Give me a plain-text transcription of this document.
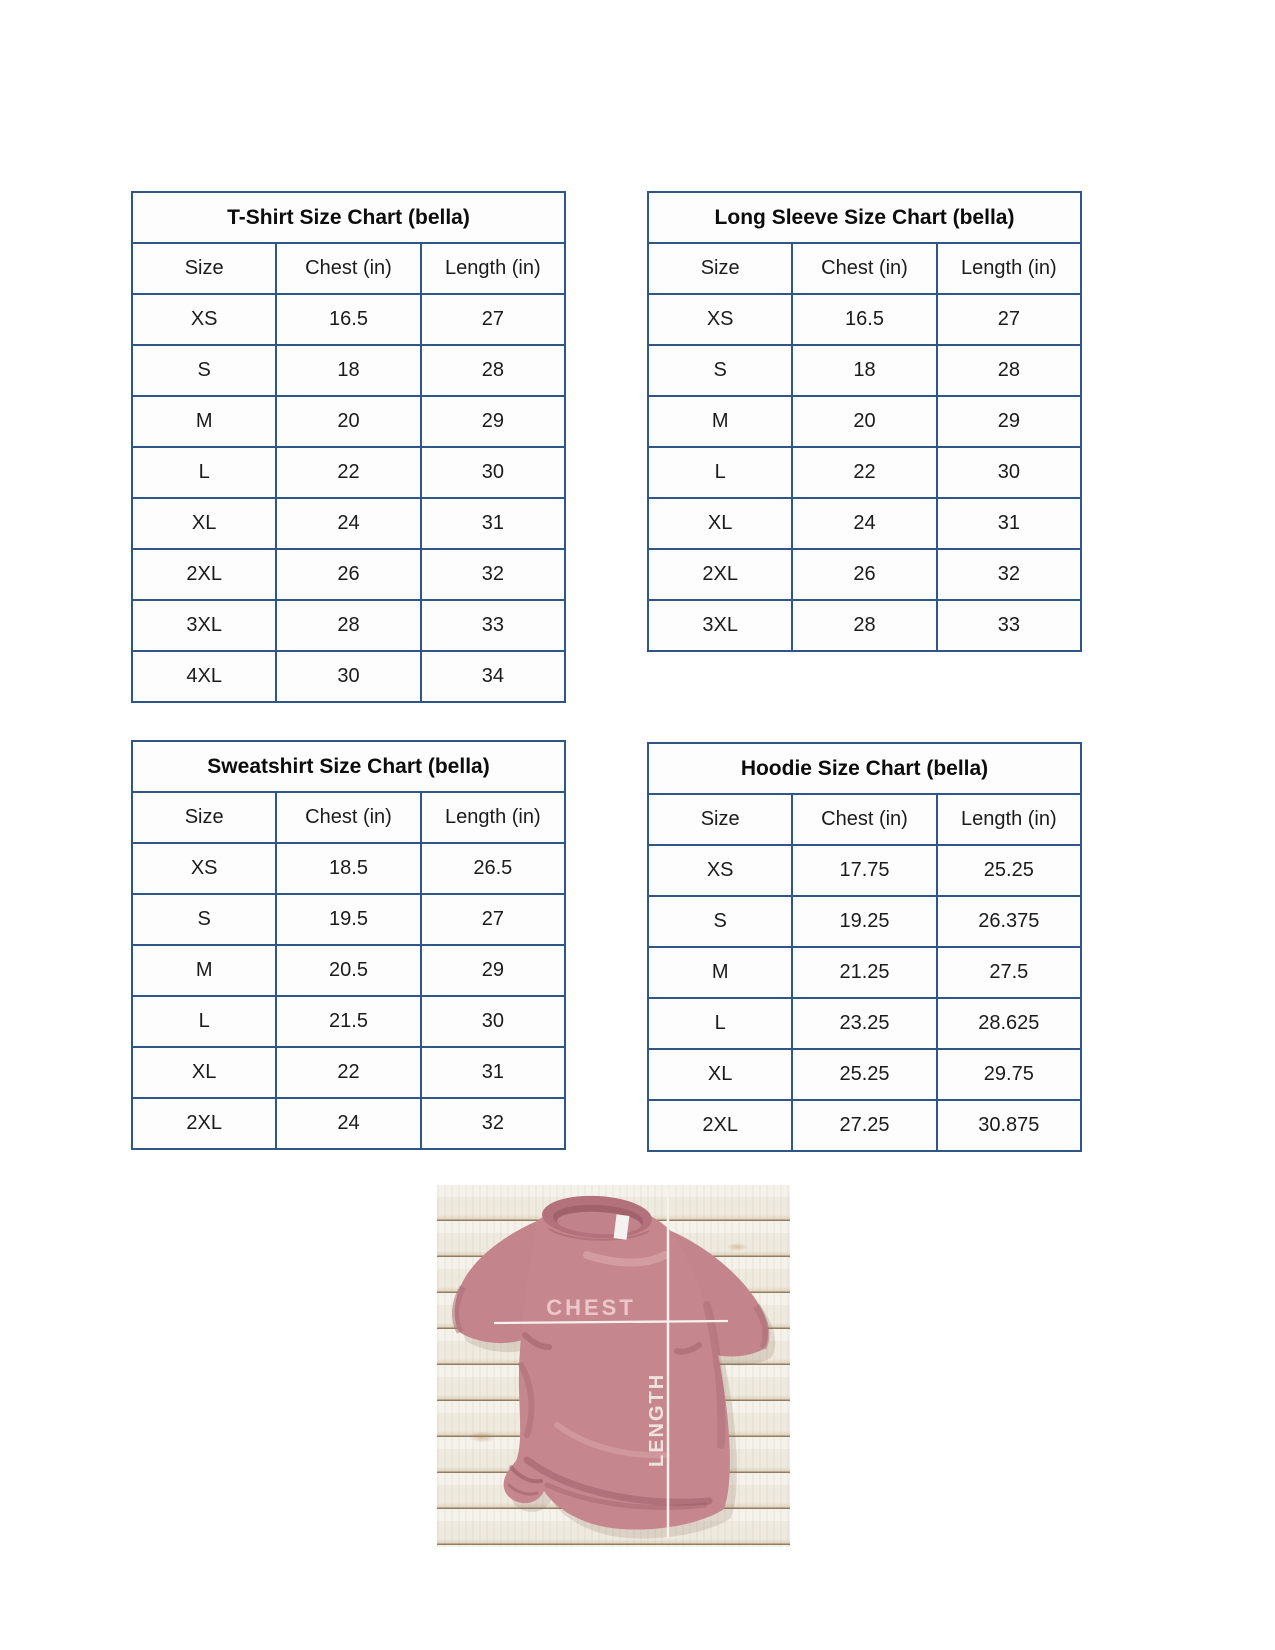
T-Shirt Size Chart (bella)		
Size	Chest (in)	Length (in)
XS	16.5	27
S	18	28
M	20	29
L	22	30
XL	24	31
2XL	26	32
3XL	28	33
4XL	30	34
Long Sleeve Size Chart (bella)		
Size	Chest (in)	Length (in)
XS	16.5	27
S	18	28
M	20	29
L	22	30
XL	24	31
2XL	26	32
3XL	28	33
Sweatshirt Size Chart (bella)		
Size	Chest (in)	Length (in)
XS	18.5	26.5
S	19.5	27
M	20.5	29
L	21.5	30
XL	22	31
2XL	24	32
Hoodie Size Chart (bella)		
Size	Chest (in)	Length (in)
XS	17.75	25.25
S	19.25	26.375
M	21.25	27.5
L	23.25	28.625
XL	25.25	29.75
2XL	27.25	30.875
CHEST
LENGTH
